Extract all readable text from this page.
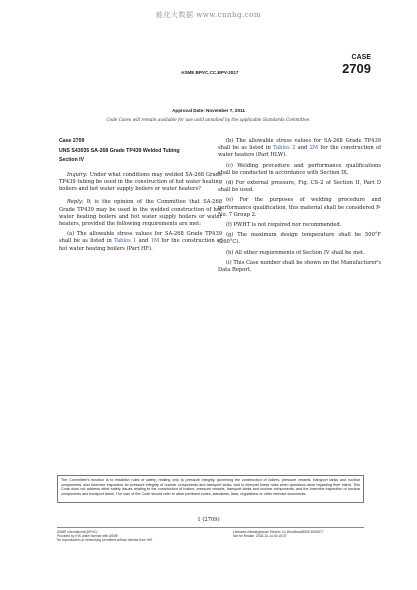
能化大数据 www.cnnhg.com
CASE
2709
ASME BPVC.CC.BPV-2017
Approval Date: November 7, 2011
Code Cases will remain available for use until annulled by the applicable Standards Committee.

Case 2709

UNS S43035 SA-268 Grade TP439 Welded Tubing

Section IV

Inquiry: Under what conditions may welded SA-268 Grade TP439 tubing be used in the construction of hot water heating boilers and hot water supply boilers or water heaters?

Reply: It is the opinion of the Committee that SA-268 Grade TP439 may be used in the welded construction of hot water heating boilers and hot water supply boilers or water heaters, provided the following requirements are met:

(a) The allowable stress values for SA-268 Grade TP439 shall be as listed in Tables 1 and 1M for the construction of hot water heating boilers (Part HF).

(b) The allowable stress values for SA-268 Grade TP439 shall be as listed in Tables 2 and 2M for the construction of water heaters (Part HLW).

(c) Welding procedure and performance qualifications shall be conducted in accordance with Section IX.

(d) For external pressure, Fig. CS-2 of Section II, Part D shall be used.

(e) For the purposes of welding procedure and performance qualification, this material shall be considered P-No. 7 Group 2.

(f) PWHT is not required nor recommended.

(g) The maximum design temperature shall be 500°F (260°C).

(h) All other requirements of Section IV shall be met.

(i) This Case number shall be shown on the Manufacturer's Data Report.

The Committee's function is to establish rules of safety, relating only to pressure integrity, governing the construction of boilers, pressure vessels, transport tanks and nuclear components, and inservice inspection for pressure integrity of nuclear components and transport tanks, and to interpret these rules when questions arise regarding their intent. This Code does not address other safety issues relating to the construction of boilers, pressure vessels, transport tanks and nuclear components, and the inservice inspection of nuclear components and transport tanks. The user of the Code should refer to other pertinent codes, standards, laws, regulations or other relevant documents.
1 (2709)
ASME International (BPVC)
Provided by IHS under license with ASME
No reproduction or networking permitted without license from IHS
Licensee=Westinghouse Electric Co Woodland/5906 5009877
Not for Resale, 2018-10-14 16:15:37
